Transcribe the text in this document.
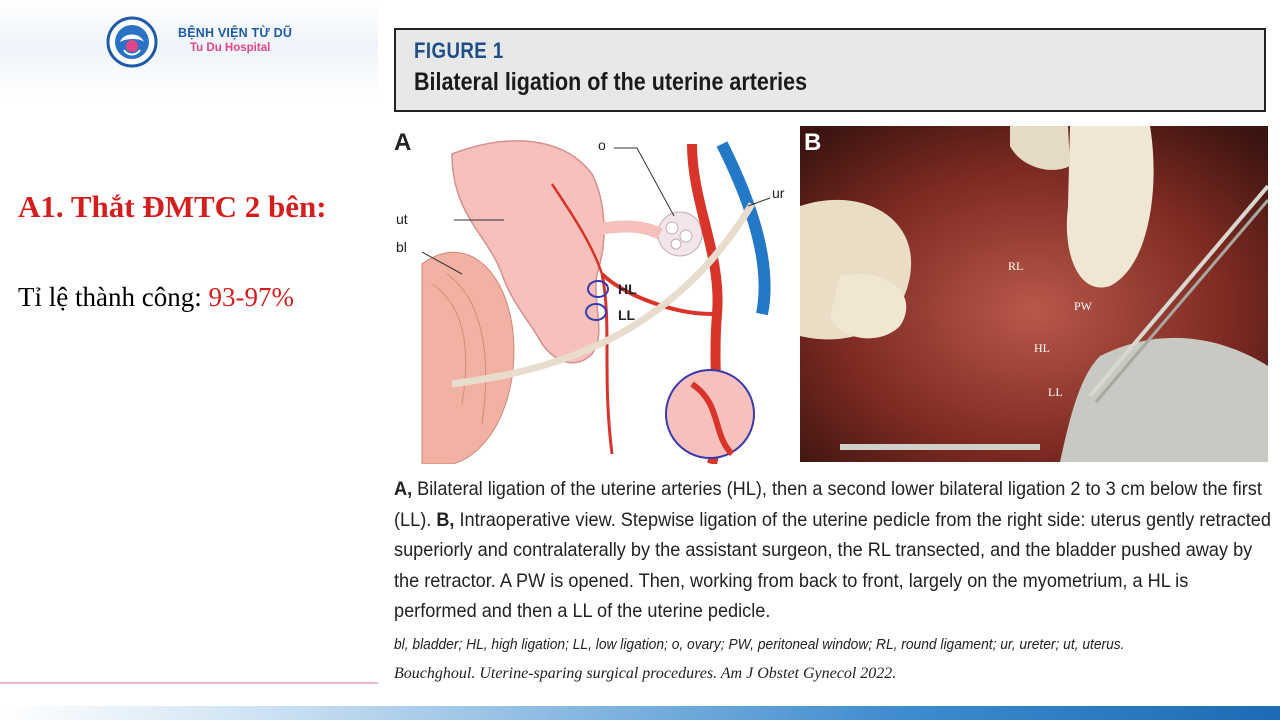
BỆNH VIỆN TỪ DŨ
Tu Du Hospital
A1. Thắt ĐMTC 2 bên:
Tỉ lệ thành công: 93-97%
FIGURE 1
Bilateral ligation of the uterine arteries
A	o
ut
bl
ur
HL
LL
B
RL
PW
HL
LL
A, Bilateral ligation of the uterine arteries (HL), then a second lower bilateral ligation 2 to 3 cm below the first (LL). B, Intraoperative view. Stepwise ligation of the uterine pedicle from the right side: uterus gently retracted superiorly and contralaterally by the assistant surgeon, the RL transected, and the bladder pushed away by the retractor. A PW is opened. Then, working from back to front, largely on the myometrium, a HL is performed and then a LL of the uterine pedicle.
bl, bladder; HL, high ligation; LL, low ligation; o, ovary; PW, peritoneal window; RL, round ligament; ur, ureter; ut, uterus.
Bouchghoul. Uterine-sparing surgical procedures. Am J Obstet Gynecol 2022.
